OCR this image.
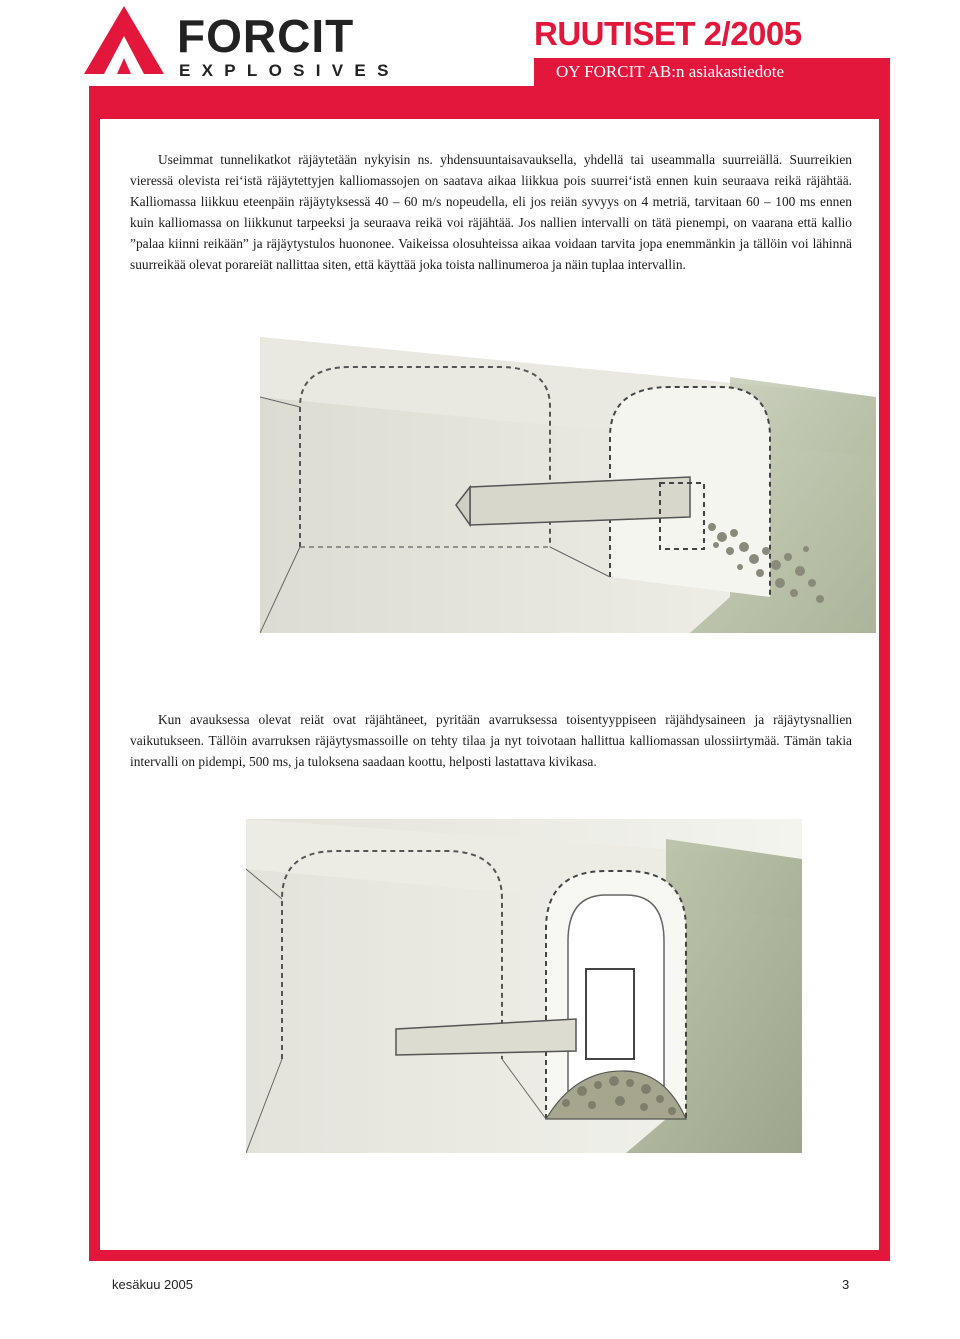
FORCIT
EXPLOSIVES
RUUTISET 2/2005
OY FORCIT AB:n asiakastiedote

Useimmat tunnelikatkot räjäytetään nykyisin ns. yhdensuuntaisavauksella, yhdellä tai useammalla suurreiällä. Suurreikien vieressä olevista rei‘istä räjäytettyjen kalliomassojen on saatava aikaa liikkua pois suurrei‘istä ennen kuin seuraava reikä räjähtää. Kalliomassa liikkuu eteenpäin räjäytyksessä 40 – 60 m/s nopeudella, eli jos reiän syvyys on 4 metriä, tarvitaan 60 – 100 ms ennen kuin kalliomassa on liikkunut tarpeeksi ja seuraava reikä voi räjähtää. Jos nallien intervalli on tätä pienempi, on vaarana että kallio ”palaa kiinni reikään” ja räjäytystulos huononee. Vaikeissa olosuhteissa aikaa voidaan tarvita jopa enemmänkin ja tällöin voi lähinnä suurreikää olevat porareiät nallittaa siten, että käyttää joka toista nallinumeroa ja näin tuplaa intervallin.

Kun avauksessa olevat reiät ovat räjähtäneet, pyritään avarruksessa toisentyyppiseen räjähdysaineen ja räjäytysnallien vaikutukseen. Tällöin avarruksen räjäytysmassoille on tehty tilaa ja nyt toivotaan hallittua kalliomassan ulossiirtymää. Tämän takia intervalli on pidempi, 500 ms, ja tuloksena saadaan koottu, helposti lastattava kivikasa.

kesäkuu 2005	3
